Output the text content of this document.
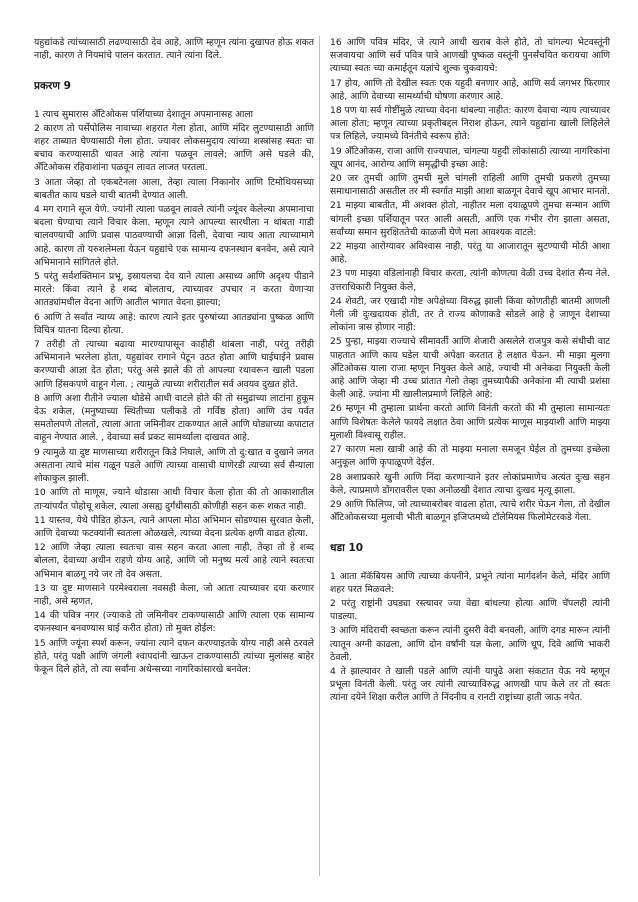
यहुद्यांकडे त्यांच्यासाठी लढण्यासाठी देव आहे, आणि म्हणून त्यांना दुखापत होऊ शकत नाही, कारण ते नियमांचे पालन करतात. त्याने त्यांना दिले.

प्रकरण 9

1 त्याच सुमारास अँटिओकस पर्शियाच्या देशातून अपमानासह आला

2 कारण तो पर्सेपोलिस नावाच्या शहरात गेला होता, आणि मंदिर लुटण्यासाठी आणि शहर ताब्यात घेण्यासाठी गेला होता. ज्यावर लोकसमुदाय त्यांच्या शस्त्रांसह स्वतः चा बचाव करण्यासाठी धावत आहे त्यांना पळवून लावले; आणि असे घडले की, अँटिओकस रहिवाशांना पळवून लावत लाजत परतला.

3 आता जेव्हा तो एकबटेनला आला, तेव्हा त्याला निकानोर आणि टिमोथियसच्या बाबतीत काय घडले याची बातमी देण्यात आली.

4 मग रागाने सूज येणे. ज्यांनी त्याला पळवून लावले त्यांनी ज्यूंवर केलेल्या अपमानाचा बदला घेण्याचा त्याने विचार केला. म्हणून त्याने आपल्या सारथीला न थांबता गाडी चालवण्याची आणि प्रवास पाठवण्याची आज्ञा दिली, देवाचा न्याय आता त्याच्यामागे आहे. कारण तो यरुशलेमला येऊन यहुद्यांचे एक सामान्य दफनस्थान बनवेन, असे त्याने अभिमानाने सांगितले होते.

5 परंतु सर्वशक्तिमान प्रभू, इस्रायलचा देव याने त्याला असाध्य आणि अदृश्य पीडाने मारले: किंवा त्याने हे शब्द बोलताच, त्याच्यावर उपचार न करता येणाऱ्या आतड्यांमधील वेदना आणि आतील भागात वेदना झाल्या;

6 आणि ते सर्वांत न्याय्य आहे: कारण त्याने इतर पुरुषांच्या आतड्यांना पुष्कळ आणि विचित्र यातना दिल्या होत्या.

7 तरीही तो त्याच्या बढाया मारण्यापासून काहीही थांबला नाही, परंतु तरीही अभिमानाने भरलेला होता, यहुद्यांवर रागाने पेटून उठत होता आणि घाईघाईने प्रवास करण्याची आज्ञा देत होता; परंतु असे झाले की तो आपल्या रथावरून खाली पडला आणि हिंसकपणे वाहून गेला. ; त्यामुळे त्याच्या शरीरातील सर्व अवयव दुखत होते.

8 आणि अशा रीतीने ज्याला थोडेसे आधी वाटले होते की तो समुद्राच्या लाटांना हुकूम देऊ शकेल, (मनुष्याच्या स्थितीच्या पलीकडे तो गर्विष्ठ होता) आणि उंच पर्वत समतोलपणे तोलतो, त्याला आता जमिनीवर टाकण्यात आले आणि घोड्याच्या कपाटात वाहून नेण्यात आले. , देवाच्या सर्व प्रकट सामर्थ्याला दाखवत आहे.

9 त्यामुळे या दुष्ट माणसाच्या शरीरातून किडे निघाले, आणि तो दु:खात व दुखाने जगत असताना त्याचे मांस गळून पडले आणि त्याच्या वासाची घाणेरडी त्याच्या सर्व सैन्याला शोकाकुल झाली.

10 आणि तो माणूस, ज्याने थोडासा आधी विचार केला होता की तो आकाशातील ताऱ्यांपर्यंत पोहोचू शकेल, त्याला असह्य दुर्गंधीसाठी कोणीही सहन करू शकत नाही.

11 यास्तव, येथे पीडित होऊन, त्याने आपला मोठा अभिमान सोडण्यास सुरवात केली, आणि देवाच्या फटक्यांनी स्वतःला ओळखले, त्याच्या वेदना प्रत्येक क्षणी वाढत होत्या.

12 आणि जेव्हा त्याला स्वतःचा वास सहन करता आला नाही, तेव्हा तो हे शब्द बोलला, देवाच्या अधीन राहणे योग्य आहे, आणि जो मनुष्य मर्त्य आहे त्याने स्वतःचा अभिमान बाळगू नये जर तो देव असता.

13 या दुष्ट माणसाने परमेश्वराला नवसही केला, जो आता त्याच्यावर दया करणार नाही, असे म्हणत,

14 की पवित्र नगर (ज्याकडे तो जमिनीवर टाकण्यासाठी आणि त्याला एक सामान्य दफनस्थान बनवण्यास घाई करीत होता) तो मुक्त होईल:

15 आणि ज्यूंना स्पर्श करून, ज्यांना त्याने दफन करण्याइतके योग्य नाही असे ठरवले होते, परंतु पक्षी आणि जंगली श्वापदांनी खाऊन टाकण्यासाठी त्यांच्या मुलांसह बाहेर फेकून दिले होते, तो त्या सर्वांना अथेन्सच्या नागरिकांसारखे बनवेल:

16 आणि पवित्र मंदिर, जे त्याने आधी खराब केले होते, तो चांगल्या भेटवस्तूंनी सजवायचा आणि सर्व पवित्र पात्रे आणखी पुष्कळ वस्तूंनी पुनर्संचयित करायचा आणि त्याच्या स्वतः च्या कमाईतून यज्ञांचे शुल्क चुकवायचे:

17 होय, आणि तो देखील स्वतः एक यहुदी बनणार आहे, आणि सर्व जगभर फिरणार आहे, आणि देवाच्या सामर्थ्याची घोषणा करणार आहे.

18 पण या सर्व गोष्टींमुळे त्याच्या वेदना थांबल्या नाहीत: कारण देवाचा न्याय त्याच्यावर आला होता; म्हणून त्याच्या प्रकृतीबद्दल निराश होऊन, त्याने यहुद्यांना खाली लिहिलेले पत्र लिहिले, ज्यामध्ये विनंतीचे स्वरूप होते:

19 अँटिओकस, राजा आणि राज्यपाल, चांगल्या यहुदी लोकांसाठी त्याच्या नागरिकांना खूप आनंद, आरोग्य आणि समृद्धीची इच्छा आहे:

20 जर तुमची आणि तुमची मुले चांगली राहिली आणि तुमची प्रकरणे तुमच्या समाधानासाठी असतील तर मी स्वर्गात माझी आशा बाळगून देवाचे खूप आभार मानतो.

21 माझ्या बाबतीत, मी अशक्त होतो, नाहीतर मला दयाळूपणे तुमचा सन्मान आणि चांगली इच्छा पर्शियातून परत आली असती, आणि एक गंभीर रोग झाला असता, सर्वांच्या समान सुरक्षिततेची काळजी घेणे मला आवश्यक वाटले:

22 माझ्या आरोग्यावर अविश्वास नाही, परंतु या आजारातून सुटण्याची मोठी आशा आहे.

23 पण माझ्या वडिलांनाही विचार करता, त्यांनी कोणत्या वेळी उच्च देशांत सैन्य नेले. उत्तराधिकारी नियुक्त केले,

24 शेवटी, जर एखादी गोष्ट अपेक्षेच्या विरुद्ध झाली किंवा कोणतीही बातमी आणली गेली जी दुःखदायक होती, तर ते राज्य कोणाकडे सोडले आहे हे जाणून देशाच्या लोकांना त्रास होणार नाही:

25 पुन्हा, माझ्या राज्याचे सीमावर्ती आणि शेजारी असलेले राजपुत्र कसे संधीची वाट पाहतात आणि काय घडेल याची अपेक्षा करतात हे लक्षात घेऊन. मी माझा मुलगा अँटिओकस याला राजा म्हणून नियुक्त केले आहे, ज्याची मी अनेकदा नियुक्ती केली आहे आणि जेव्हा मी उच्च प्रांतात गेलो तेव्हा तुमच्यापैकी अनेकांना मी त्याची प्रशंसा केली आहे. ज्यांना मी खालीलप्रमाणे लिहिले आहे:

26 म्हणून मी तुम्हाला प्रार्थना करतो आणि विनंती करतो की मी तुम्हाला सामान्यतः आणि विशेषतः केलेले फायदे लक्षात ठेवा आणि प्रत्येक माणूस माझ्याशी आणि माझ्या मुलाशी विश्वासू राहील.

27 कारण मला खात्री आहे की तो माझ्या मनाला समजून घेईल तो तुमच्या इच्छेला अनुकूल आणि कृपाळूपणे देईल.

28 अशाप्रकारे खुनी आणि निंदा करणाऱ्याने इतर लोकांप्रमाणेच अत्यंत दुःख सहन केले, त्याप्रमाणे डोंगरावरील एका अनोळखी देशात त्याचा दुःखद मृत्यू झाला.

29 आणि फिलिप्प, जो त्याच्याबरोबर वाढला होता, त्याचे शरीर घेऊन गेला, तो देखील अँटिओकसच्या मुलाची भीती बाळगून इजिप्तमध्ये टॉलेमियस फिलोमेटरकडे गेला.

धडा 10

1 आता मॅकॅबियस आणि त्याच्या कंपनीने, प्रभूने त्यांना मार्गदर्शन केले, मंदिर आणि शहर परत मिळवले:

2 परंतु राष्ट्रांनी उघड्या रस्त्यावर ज्या वेद्या बांधल्या होत्या आणि चॅपलही त्यांनी पाडल्या.

3 आणि मंदिराची स्वच्छता करून त्यांनी दुसरी वेदी बनवली, आणि दगड मारून त्यांनी त्यातून अग्नी काढला, आणि दोन वर्षांनी यज्ञ केला, आणि धूप, दिवे आणि भाकरी ठेवली.

4 ते झाल्यावर ते खाली पडले आणि त्यांनी यापुढे अशा संकटात येऊ नये म्हणून प्रभूला विनंती केली. परंतु जर त्यांनी त्याच्याविरुद्ध आणखी पाप केले तर तो स्वतः त्यांना दयेने शिक्षा करील आणि ते निंदनीय व रानटी राष्ट्रांच्या हाती जाऊ नयेत.
